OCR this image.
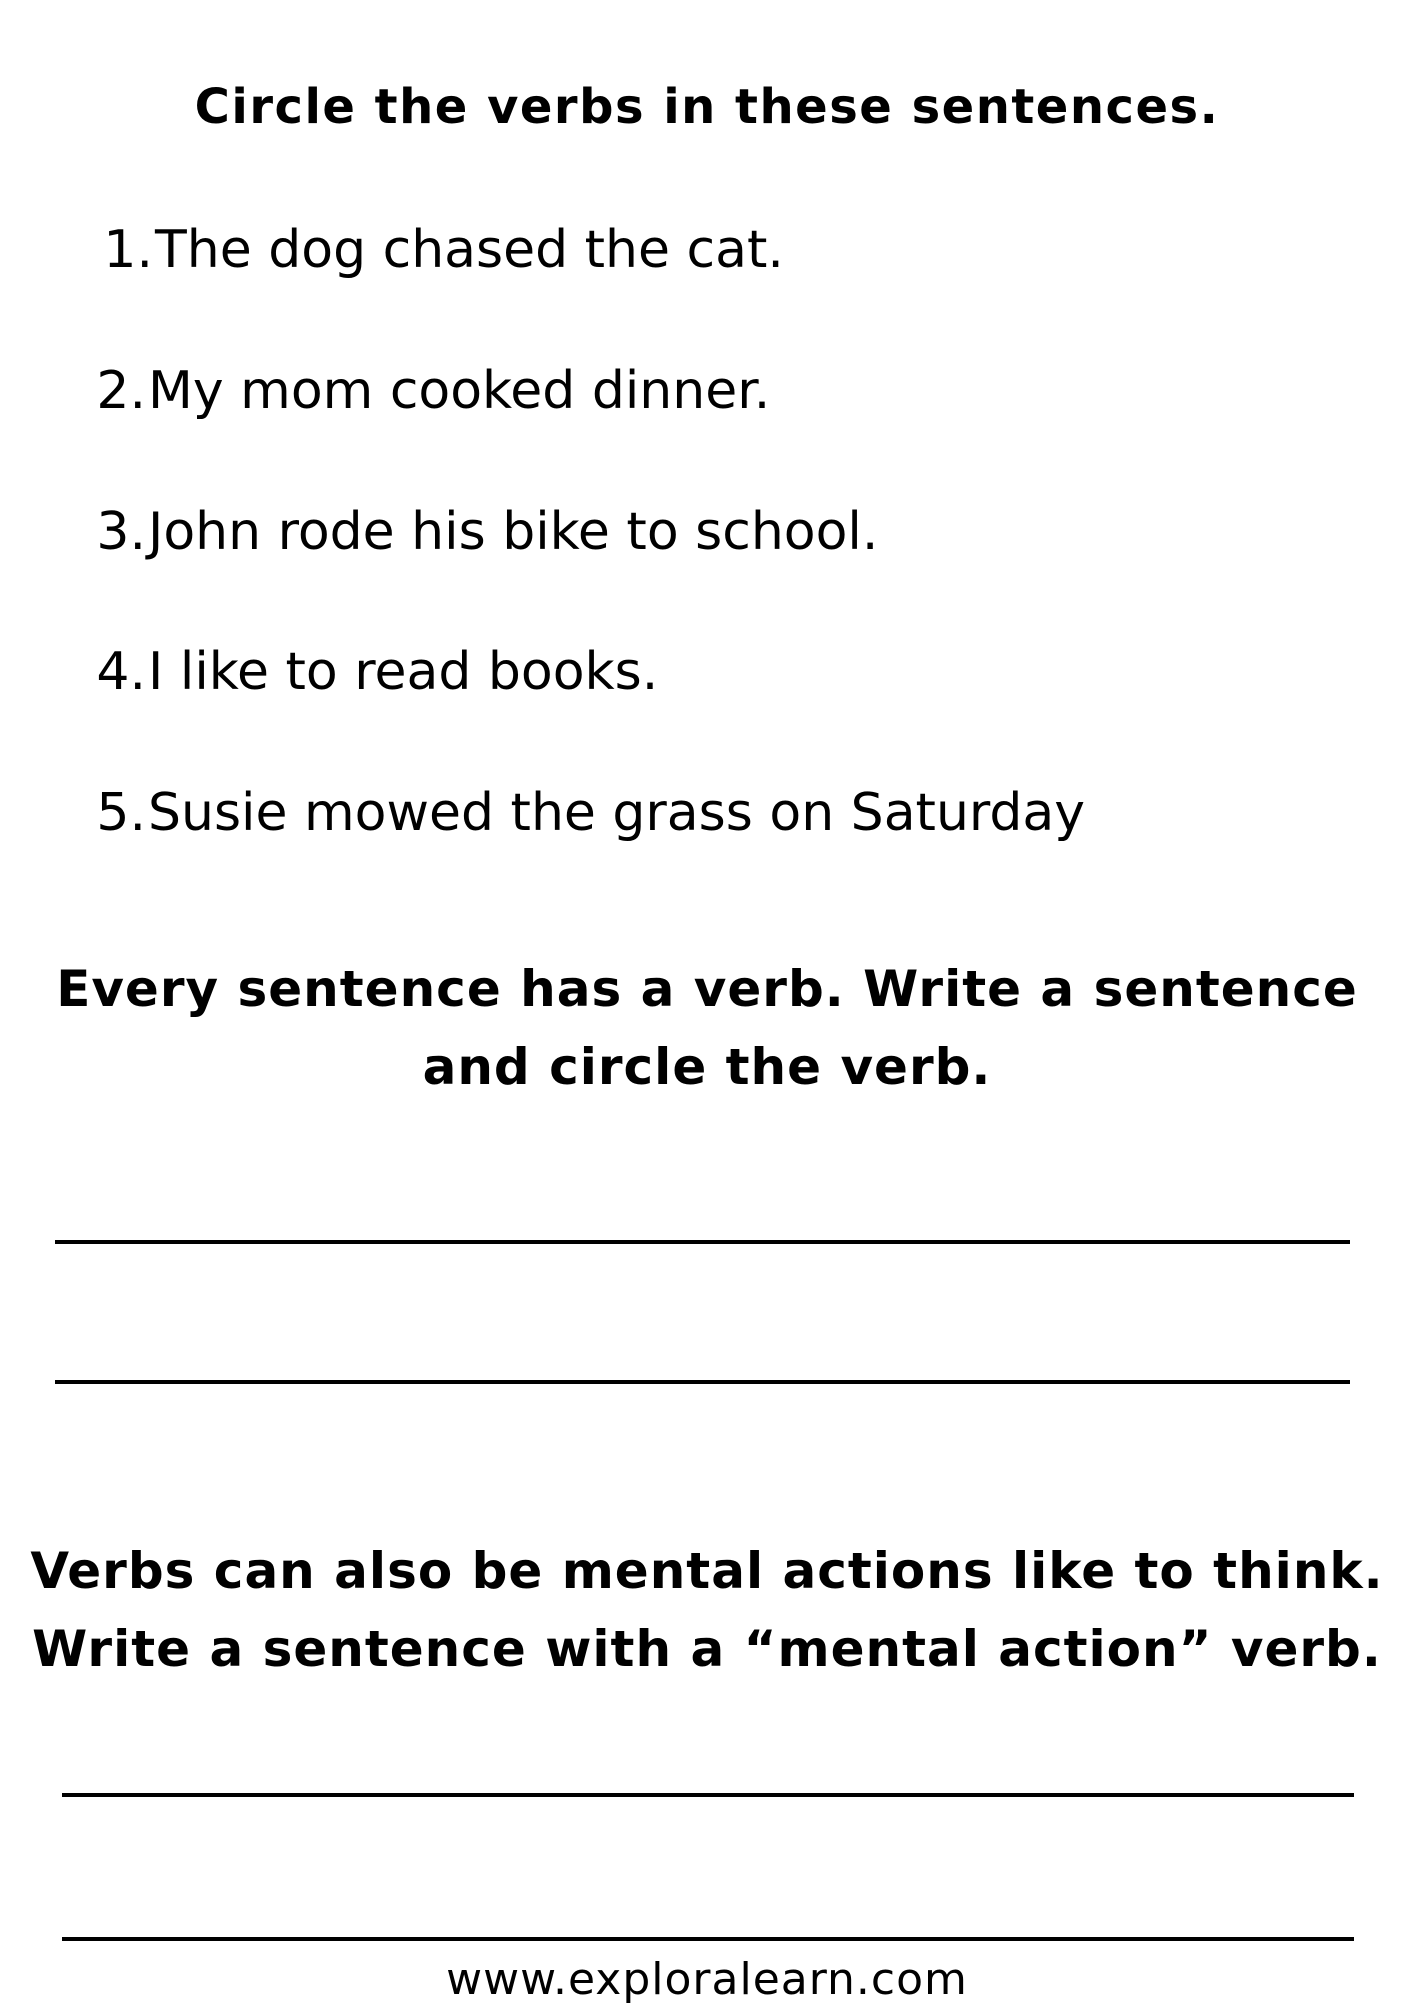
Circle the verbs in these sentences.
1.The dog chased the cat.
2.My mom cooked dinner.
3.John rode his bike to school.
4.I like to read books.
5.Susie mowed the grass on Saturday
Every sentence has a verb. Write a sentence
and circle the verb.
Verbs can also be mental actions like to think.
Write a sentence with a “mental action” verb.

www.exploralearn.com
